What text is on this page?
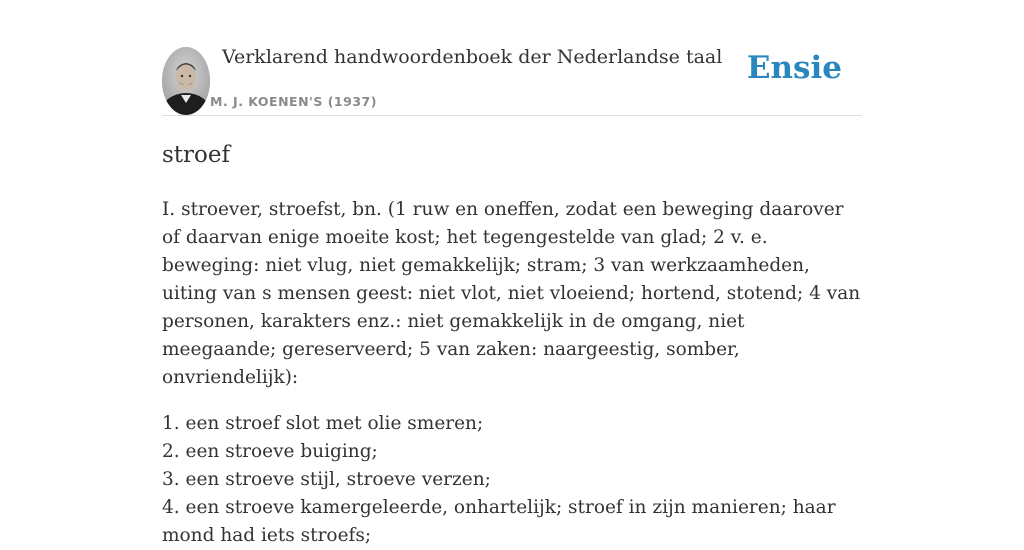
Verklarend handwoordenboek der Nederlandse taal
M. J. KOENEN'S (1937)
Ensie
stroef

I. stroever, stroefst, bn. (1 ruw en oneffen, zodat een beweging daarover of daarvan enige moeite kost; het tegengestelde van glad; 2 v. e. beweging: niet vlug, niet gemakkelijk; stram; 3 van werkzaamheden, uiting van s mensen geest: niet vlot, niet vloeiend; hortend, stotend; 4 van personen, karakters enz.: niet gemakkelijk in de omgang, niet meegaande; gereserveerd; 5 van zaken: naargeestig, somber, onvriendelijk):

1. een stroef slot met olie smeren;
2. een stroeve buiging;
3. een stroeve stijl, stroeve verzen;
4. een stroeve kamergeleerde, onhartelijk; stroef in zijn manieren; haar mond had iets stroefs;
